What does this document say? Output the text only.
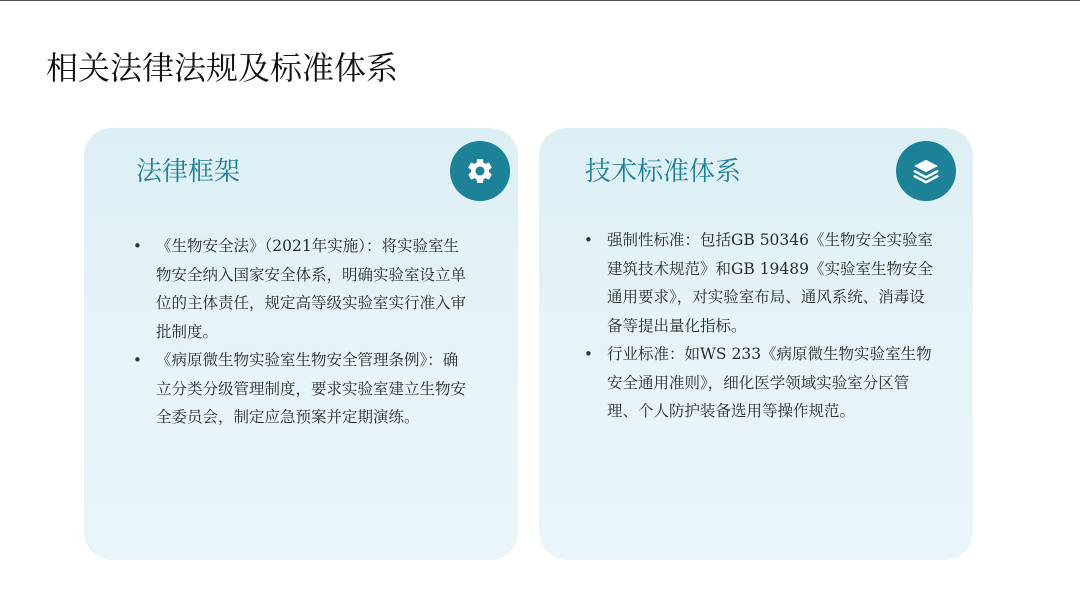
相关法律法规及标准体系
法律框架
• 《生物安全法》（2021年实施）：将实验室生物安全纳入国家安全体系，明确实验室设立单位的主体责任，规定高等级实验室实行准入审批制度。
• 《病原微生物实验室生物安全管理条例》：确立分类分级管理制度，要求实验室建立生物安全委员会，制定应急预案并定期演练。
技术标准体系
• 强制性标准：包括GB 50346《生物安全实验室建筑技术规范》和GB 19489《实验室生物安全通用要求》，对实验室布局、通风系统、消毒设备等提出量化指标。
• 行业标准：如WS 233《病原微生物实验室生物安全通用准则》，细化医学领域实验室分区管理、个人防护装备选用等操作规范。
